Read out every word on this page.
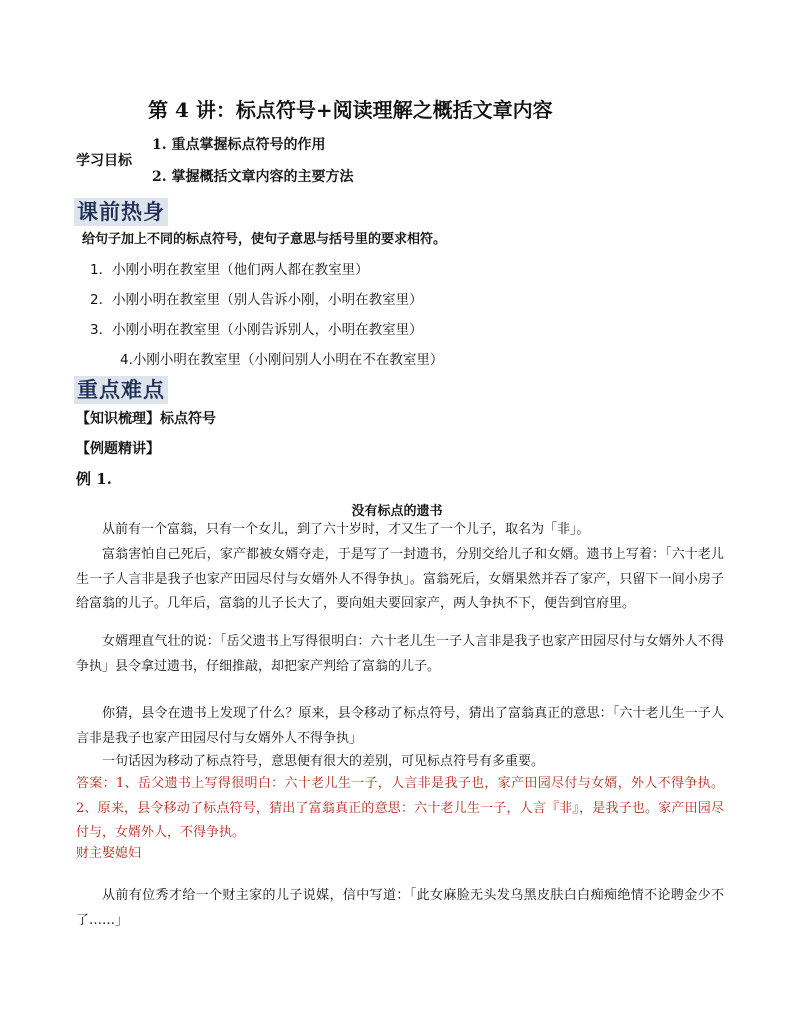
第 4 讲：标点符号+阅读理解之概括文章内容
学习目标
1. 重点掌握标点符号的作用
2. 掌握概括文章内容的主要方法
课前热身
给句子加上不同的标点符号，使句子意思与括号里的要求相符。
1．小刚小明在教室里（他们两人都在教室里）
2．小刚小明在教室里（别人告诉小刚，小明在教室里）
3．小刚小明在教室里（小刚告诉别人，小明在教室里）
4.小刚小明在教室里（小刚问别人小明在不在教室里）
重点难点
【知识梳理】标点符号
【例题精讲】
例 1.
没有标点的遗书

从前有一个富翁，只有一个女儿，到了六十岁时，才又生了一个儿子，取名为「非」。

富翁害怕自己死后，家产都被女婿夺走，于是写了一封遗书，分别交给儿子和女婿。遗书上写着：「六十老儿生一子人言非是我子也家产田园尽付与女婿外人不得争执」。富翁死后，女婿果然并吞了家产，只留下一间小房子给富翁的儿子。几年后，富翁的儿子长大了，要向姐夫要回家产，两人争执不下，便告到官府里。

女婿理直气壮的说：「岳父遗书上写得很明白：六十老儿生一子人言非是我子也家产田园尽付与女婿外人不得争执」县令拿过遗书，仔细推敲，却把家产判给了富翁的儿子。

你猜，县令在遗书上发现了什么？原来，县令移动了标点符号，猜出了富翁真正的意思：「六十老儿生一子人言非是我子也家产田园尽付与女婿外人不得争执」

一句话因为移动了标点符号，意思便有很大的差别，可见标点符号有多重要。

答案：1、岳父遗书上写得很明白：六十老儿生一子，人言非是我子也，家产田园尽付与女婿，外人不得争执。2、原来，县令移动了标点符号，猜出了富翁真正的意思：六十老儿生一子，人言『非』，是我子也。家产田园尽付与，女婿外人，不得争执。

财主娶媳妇

从前有位秀才给一个财主家的儿子说媒，信中写道：「此女麻脸无头发乌黑皮肤白白痴痴绝情不论聘金少不了……」
